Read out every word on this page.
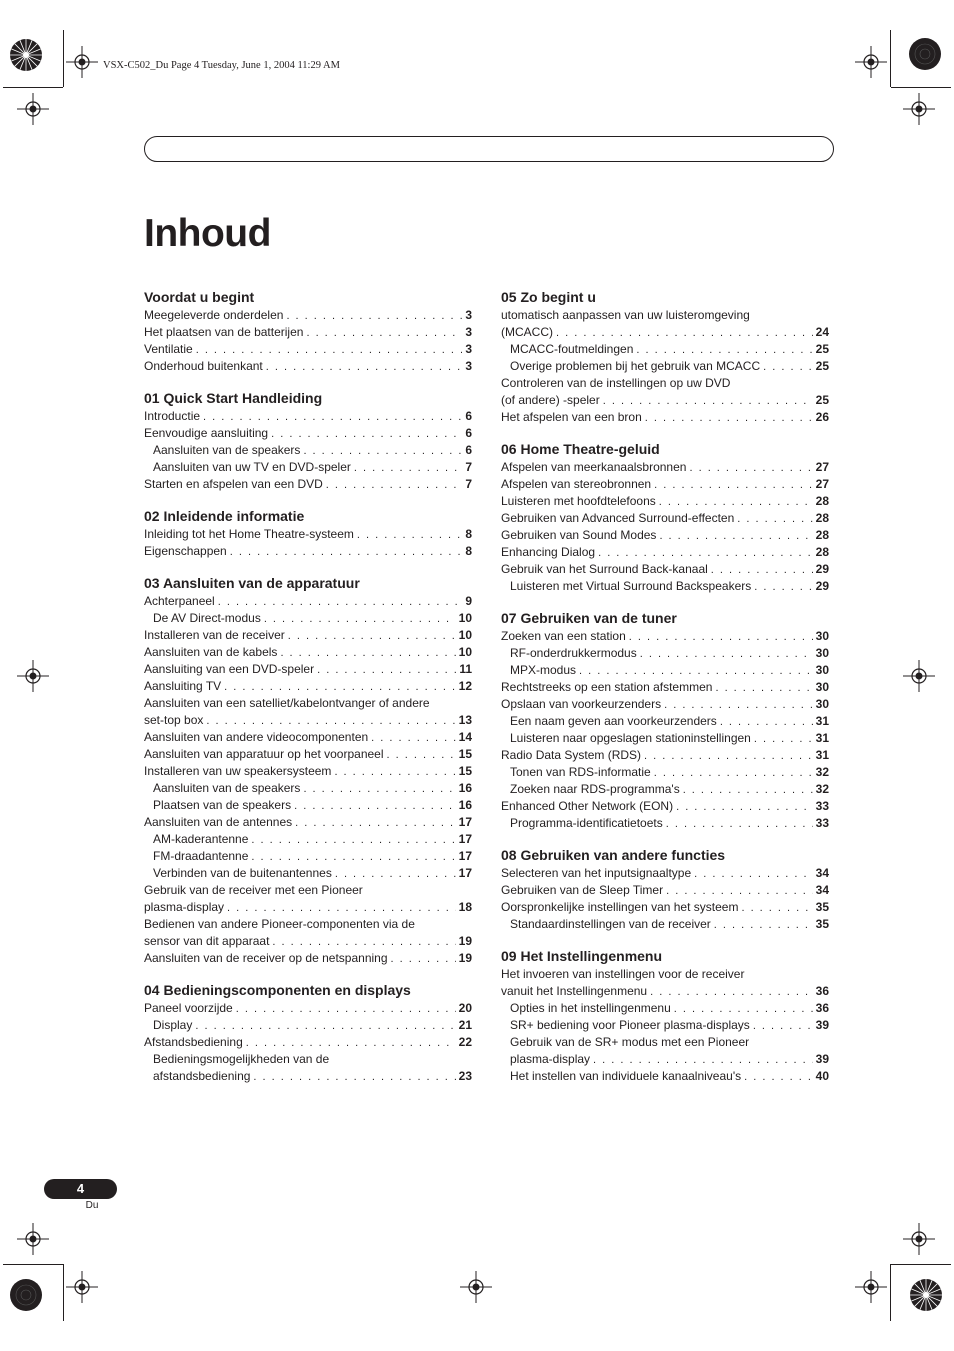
VSX-C502_Du Page 4 Tuesday, June 1, 2004 11:29 AM
Inhoud
Voordat u begint
Meegeleverde onderdelen . . .	3
Het plaatsen van de batterijen . . .	3
Ventilatie . . .	3
Onderhoud buitenkant . . .	3
01 Quick Start Handleiding
Introductie . . .	6
Eenvoudige aansluiting . . .	6
Aansluiten van de speakers . . .	6
Aansluiten van uw TV en DVD-speler . . .	7
Starten en afspelen van een DVD . . .	7
02 Inleidende informatie
Inleiding tot het Home Theatre-systeem . . .	8
Eigenschappen . . .	8
03 Aansluiten van de apparatuur
Achterpaneel . . .	9
De AV Direct-modus . . .	10
Installeren van de receiver . . .	10
Aansluiten van de kabels . . .	10
Aansluiting van een DVD-speler . . .	11
Aansluiting TV . . .	12
Aansluiten van een satelliet/kabelontvanger of andere
set-top box . . .	13
Aansluiten van andere videocomponenten . . .	14
Aansluiten van apparatuur op het voorpaneel . . .	15
Installeren van uw speakersysteem . . .	15
Aansluiten van de speakers . . .	16
Plaatsen van de speakers . . .	16
Aansluiten van de antennes . . .	17
AM-kaderantenne . . .	17
FM-draadantenne . . .	17
Verbinden van de buitenantennes . . .	17
Gebruik van de receiver met een Pioneer
plasma-display . . .	18
Bedienen van andere Pioneer-componenten via de
sensor van dit apparaat . . .	19
Aansluiten van de receiver op de netspanning . . .	19
04 Bedieningscomponenten en displays
Paneel voorzijde . . .	20
Display . . .	21
Afstandsbediening . . .	22
Bedieningsmogelijkheden van de
afstandsbediening . . .	23
05 Zo begint u
utomatisch aanpassen van uw luisteromgeving
(MCACC) . . .	24
MCACC-foutmeldingen . . .	25
Overige problemen bij het gebruik van MCACC . . .	25
Controleren van de instellingen op uw DVD
(of andere) -speler . . .	25
Het afspelen van een bron . . .	26
06 Home Theatre-geluid
Afspelen van meerkanaalsbronnen . . .	27
Afspelen van stereobronnen . . .	27
Luisteren met hoofdtelefoons . . .	28
Gebruiken van Advanced Surround-effecten . . .	28
Gebruiken van Sound Modes . . .	28
Enhancing Dialog . . .	28
Gebruik van het Surround Back-kanaal . . .	29
Luisteren met Virtual Surround Backspeakers . . .	29
07 Gebruiken van de tuner
Zoeken van een station . . .	30
RF-onderdrukkermodus . . .	30
MPX-modus . . .	30
Rechtstreeks op een station afstemmen . . .	30
Opslaan van voorkeurzenders . . .	30
Een naam geven aan voorkeurzenders . . .	31
Luisteren naar opgeslagen stationinstellingen . . .	31
Radio Data System (RDS) . . .	31
Tonen van RDS-informatie . . .	32
Zoeken naar RDS-programma's . . .	32
Enhanced Other Network (EON) . . .	33
Programma-identificatietoets . . .	33
08 Gebruiken van andere functies
Selecteren van het inputsignaaltype . . .	34
Gebruiken van de Sleep Timer . . .	34
Oorspronkelijke instellingen van het systeem . . .	35
Standaardinstellingen van de receiver . . .	35
09 Het Instellingenmenu
Het invoeren van instellingen voor de receiver
vanuit het Instellingenmenu . . .	36
Opties in het instellingenmenu . . .	36
SR+ bediening voor Pioneer plasma-displays . . .	39
Gebruik van de SR+ modus met een Pioneer
plasma-display . . .	39
Het instellen van individuele kanaalniveau's . . .	40
4
Du
